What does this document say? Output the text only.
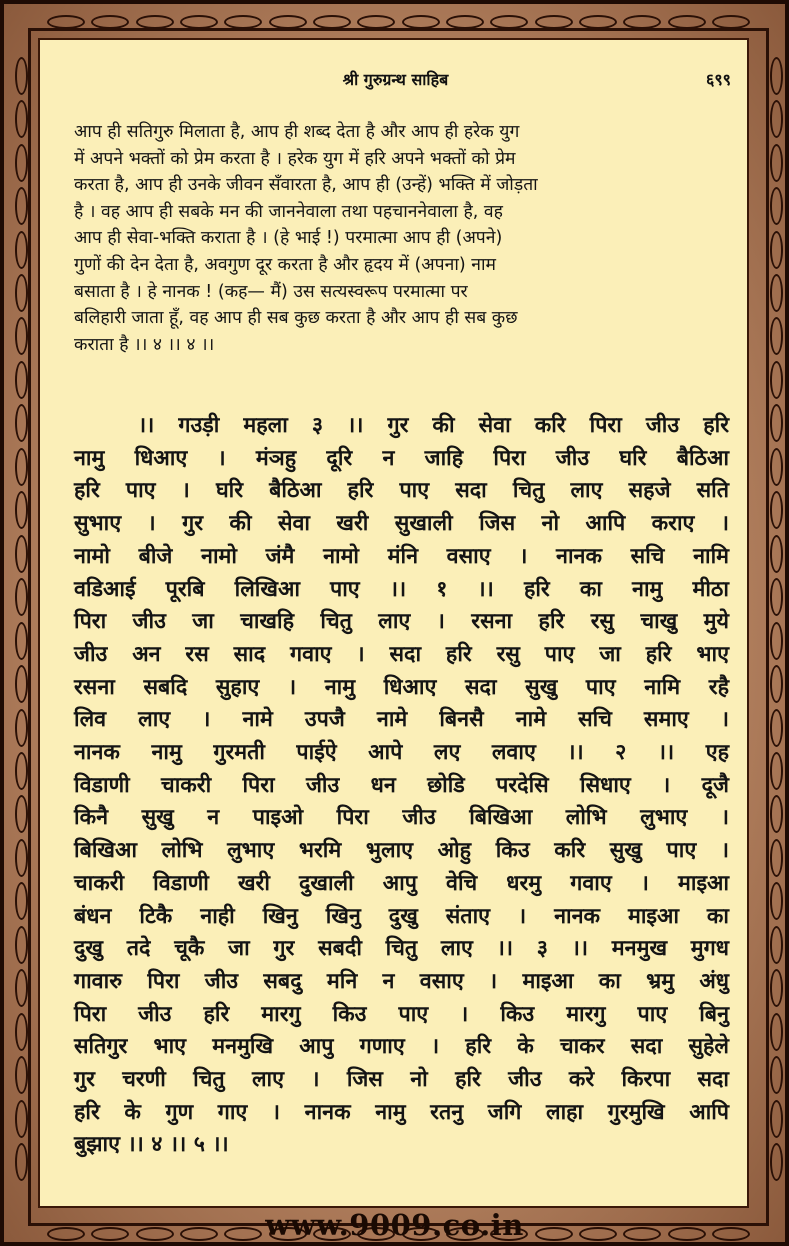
श्री गुरुग्रन्थ साहिब	६९९
आप ही सतिगुरु मिलाता है, आप ही शब्द देता है और आप ही हरेक युग
में अपने भक्तों को प्रेम करता है । हरेक युग में हरि अपने भक्तों को प्रेम
करता है, आप ही उनके जीवन सँवारता है, आप ही (उन्हें) भक्ति में जोड़ता
है । वह आप ही सबके मन की जाननेवाला तथा पहचाननेवाला है, वह
आप ही सेवा-भक्ति कराता है । (हे भाई !) परमात्मा आप ही (अपने)
गुणों की देन देता है, अवगुण दूर करता है और हृदय में (अपना) नाम
बसाता है । हे नानक ! (कह— मैं) उस सत्यस्वरूप परमात्मा पर
बलिहारी जाता हूँ, वह आप ही सब कुछ करता है और आप ही सब कुछ
कराता है ।। ४ ।। ४ ।।
।। गउड़ी महला ३ ।। गुर की सेवा करि पिरा जीउ हरि
नामु धिआए । मंञहु दूरि न जाहि पिरा जीउ घरि बैठिआ
हरि पाए । घरि बैठिआ हरि पाए सदा चितु लाए सहजे सति
सुभाए । गुर की सेवा खरी सुखाली जिस नो आपि कराए ।
नामो बीजे नामो जंमै नामो मंनि वसाए । नानक सचि नामि
वडिआई पूरबि लिखिआ पाए ।। १ ।। हरि का नामु मीठा
पिरा जीउ जा चाखहि चितु लाए । रसना हरि रसु चाखु मुये
जीउ अन रस साद गवाए । सदा हरि रसु पाए जा हरि भाए
रसना सबदि सुहाए । नामु धिआए सदा सुखु पाए नामि रहै
लिव लाए । नामे उपजै नामे बिनसै नामे सचि समाए ।
नानक नामु गुरमती पाईऐ आपे लए लवाए ।। २ ।। एह
विडाणी चाकरी पिरा जीउ धन छोडि परदेसि सिधाए । दूजै
किनै सुखु न पाइओ पिरा जीउ बिखिआ लोभि लुभाए ।
बिखिआ लोभि लुभाए भरमि भुलाए ओहु किउ करि सुखु पाए ।
चाकरी विडाणी खरी दुखाली आपु वेचि धरमु गवाए । माइआ
बंधन टिकै नाही खिनु खिनु दुखु संताए । नानक माइआ का
दुखु तदे चूकै जा गुर सबदी चितु लाए ।। ३ ।। मनमुख मुगध
गावारु पिरा जीउ सबदु मनि न वसाए । माइआ का भ्रमु अंधु
पिरा जीउ हरि मारगु किउ पाए । किउ मारगु पाए बिनु
सतिगुर भाए मनमुखि आपु गणाए । हरि के चाकर सदा सुहेले
गुर चरणी चितु लाए । जिस नो हरि जीउ करे किरपा सदा
हरि के गुण गाए । नानक नामु रतनु जगि लाहा गुरमुखि आपि
बुझाए ।। ४ ।। ५ ।।
www.9009.co.in
